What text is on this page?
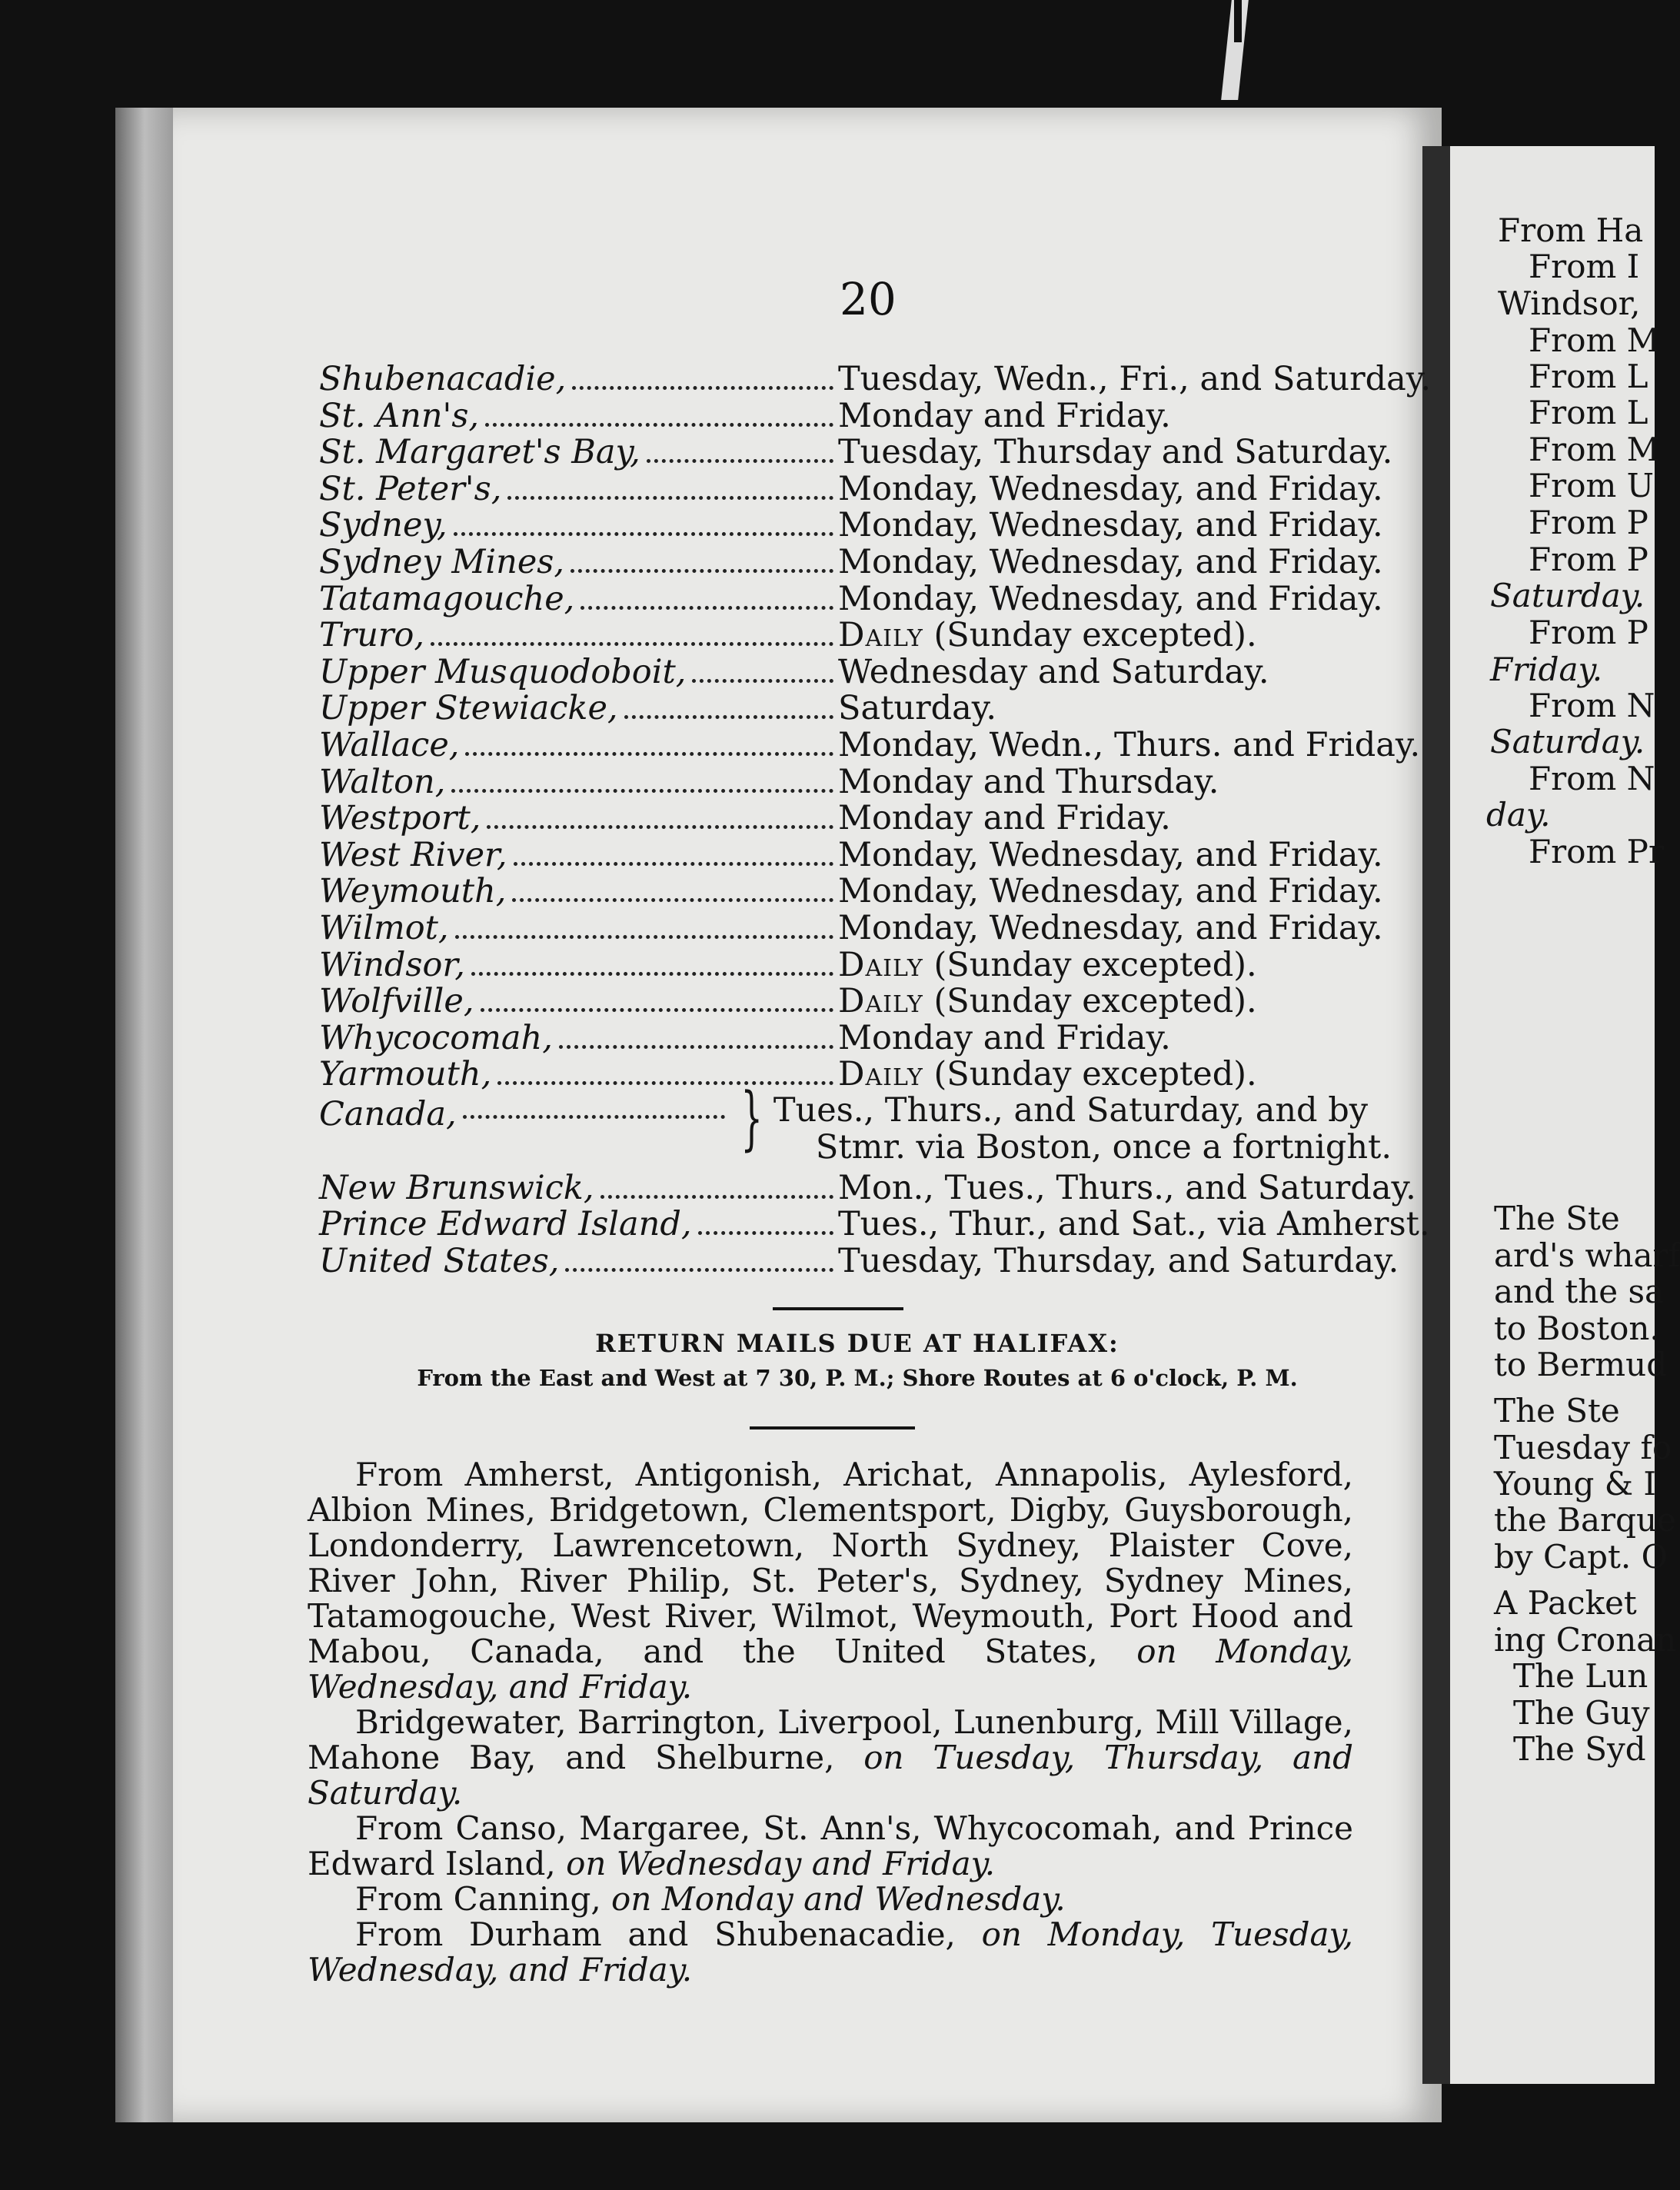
From Ha
From I
Windsor,
From M
From L
From L
From M
From U
From P
From P
Saturday.
From P
Friday.
From N
Saturday.
From N
day.
From Pr
The Ste
ard's wharf
and the sa
to Boston.
to Bermud
The Ste
Tuesday fo
Young & I
the Barque
by Capt. O
A Packet
ing Cronan
The Lun
The Guy
The Syd
20
Shubenacadie,	Tuesday, Wedn., Fri., and Saturday.
St. Ann's,	Monday and Friday.
St. Margaret's Bay,	Tuesday, Thursday and Saturday.
St. Peter's,	Monday, Wednesday, and Friday.
Sydney,	Monday, Wednesday, and Friday.
Sydney Mines,	Monday, Wednesday, and Friday.
Tatamagouche,	Monday, Wednesday, and Friday.
Truro,	Daily (Sunday excepted).
Upper Musquodoboit,	Wednesday and Saturday.
Upper Stewiacke,	Saturday.
Wallace,	Monday, Wedn., Thurs. and Friday.
Walton,	Monday and Thursday.
Westport,	Monday and Friday.
West River,	Monday, Wednesday, and Friday.
Weymouth,	Monday, Wednesday, and Friday.
Wilmot,	Monday, Wednesday, and Friday.
Windsor,	Daily (Sunday excepted).
Wolfville,	Daily (Sunday excepted).
Whycocomah,	Monday and Friday.
Yarmouth,	Daily (Sunday excepted).
Canada,	} Tues., Thurs., and Saturday, and by
Stmr. via Boston, once a fortnight.
New Brunswick,	Mon., Tues., Thurs., and Saturday.
Prince Edward Island,	Tues., Thur., and Sat., via Amherst.
United States,	Tuesday, Thursday, and Saturday.
RETURN MAILS DUE AT HALIFAX:
From the East and West at 7 30, P. M.; Shore Routes at 6 o'clock, P. M.

From Amherst, Antigonish, Arichat, Annapolis, Aylesford, Albion Mines, Bridgetown, Clementsport, Digby, Guysborough, Londonderry, Lawrencetown, North Sydney, Plaister Cove, River John, River Philip, St. Peter's, Sydney, Sydney Mines, Tatamogouche, West River, Wilmot, Weymouth, Port Hood and Mabou, Canada, and the United States, on Monday, Wednesday, and Friday.

Bridgewater, Barrington, Liverpool, Lunenburg, Mill Village, Mahone Bay, and Shelburne, on Tuesday, Thursday, and Saturday.

From Canso, Margaree, St. Ann's, Whycocomah, and Prince Edward Island, on Wednesday and Friday.

From Canning, on Monday and Wednesday.

From Durham and Shubenacadie, on Monday, Tuesday, Wednesday, and Friday.
